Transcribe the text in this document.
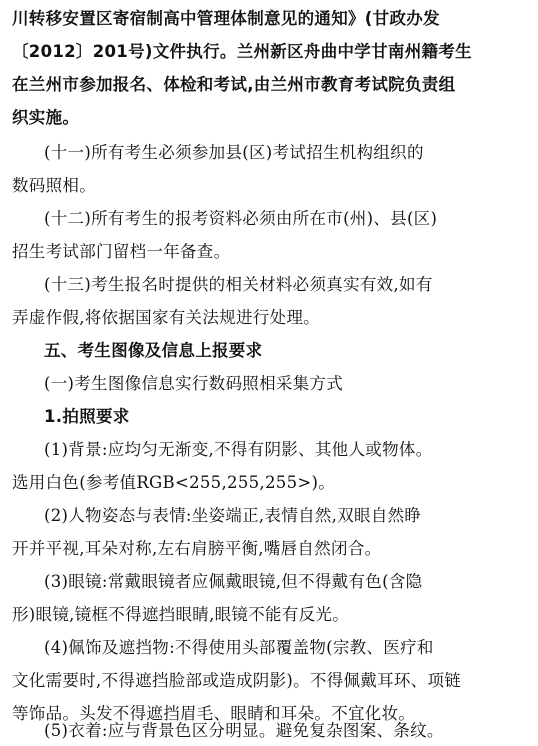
川转移安置区寄宿制高中管理体制意见的通知》(甘政办发
〔2012〕201号)文件执行。兰州新区舟曲中学甘南州籍考生
在兰州市参加报名、体检和考试,由兰州市教育考试院负责组
织实施。
(十一)所有考生必须参加县(区)考试招生机构组织的
数码照相。
(十二)所有考生的报考资料必须由所在市(州)、县(区)
招生考试部门留档一年备查。
(十三)考生报名时提供的相关材料必须真实有效,如有
弄虚作假,将依据国家有关法规进行处理。
五、考生图像及信息上报要求
(一)考生图像信息实行数码照相采集方式
1.拍照要求
(1)背景:应均匀无渐变,不得有阴影、其他人或物体。
选用白色(参考值RGB<255,255,255>)。
(2)人物姿态与表情:坐姿端正,表情自然,双眼自然睁
开并平视,耳朵对称,左右肩膀平衡,嘴唇自然闭合。
(3)眼镜:常戴眼镜者应佩戴眼镜,但不得戴有色(含隐
形)眼镜,镜框不得遮挡眼睛,眼镜不能有反光。
(4)佩饰及遮挡物:不得使用头部覆盖物(宗教、医疗和
文化需要时,不得遮挡脸部或造成阴影)。不得佩戴耳环、项链
等饰品。头发不得遮挡眉毛、眼睛和耳朵。不宜化妆。
(5)衣着:应与背景色区分明显。避免复杂图案、条纹。
